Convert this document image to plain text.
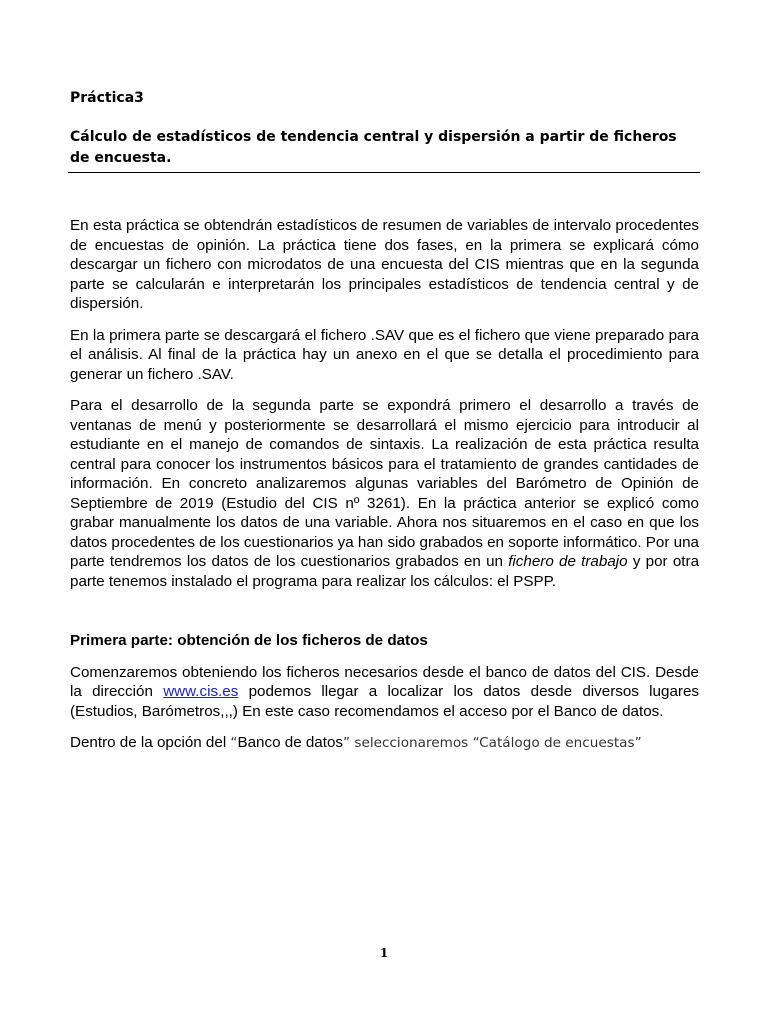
Práctica3

Cálculo de estadísticos de tendencia central y dispersión a partir de ficheros de encuesta.

En esta práctica se obtendrán estadísticos de resumen de variables de intervalo procedentes de encuestas de opinión. La práctica tiene dos fases, en la primera se explicará cómo descargar un fichero con microdatos de una encuesta del CIS mientras que en la segunda parte se calcularán e interpretarán los principales estadísticos de tendencia central y de dispersión.

En la primera parte se descargará el fichero .SAV que es el fichero que viene preparado para el análisis. Al final de la práctica hay un anexo en el que se detalla el procedimiento para generar un fichero .SAV.

Para el desarrollo de la segunda parte se expondrá primero el desarrollo a través de ventanas de menú y posteriormente se desarrollará el mismo ejercicio para introducir al estudiante en el manejo de comandos de sintaxis. La realización de esta práctica resulta central para conocer los instrumentos básicos para el tratamiento de grandes cantidades de información. En concreto analizaremos algunas variables del Barómetro de Opinión de Septiembre de 2019 (Estudio del CIS nº 3261). En la práctica anterior se explicó como grabar manualmente los datos de una variable. Ahora nos situaremos en el caso en que los datos procedentes de los cuestionarios ya han sido grabados en soporte informático. Por una parte tendremos los datos de los cuestionarios grabados en un fichero de trabajo y por otra parte tenemos instalado el programa para realizar los cálculos: el PSPP.

Primera parte: obtención de los ficheros de datos

Comenzaremos obteniendo los ficheros necesarios desde el banco de datos del CIS. Desde la dirección www.cis.es podemos llegar a localizar los datos desde diversos lugares (Estudios, Barómetros,,,) En este caso recomendamos el acceso por el Banco de datos.

Dentro de la opción del “Banco de datos” seleccionaremos “Catálogo de encuestas”

1
